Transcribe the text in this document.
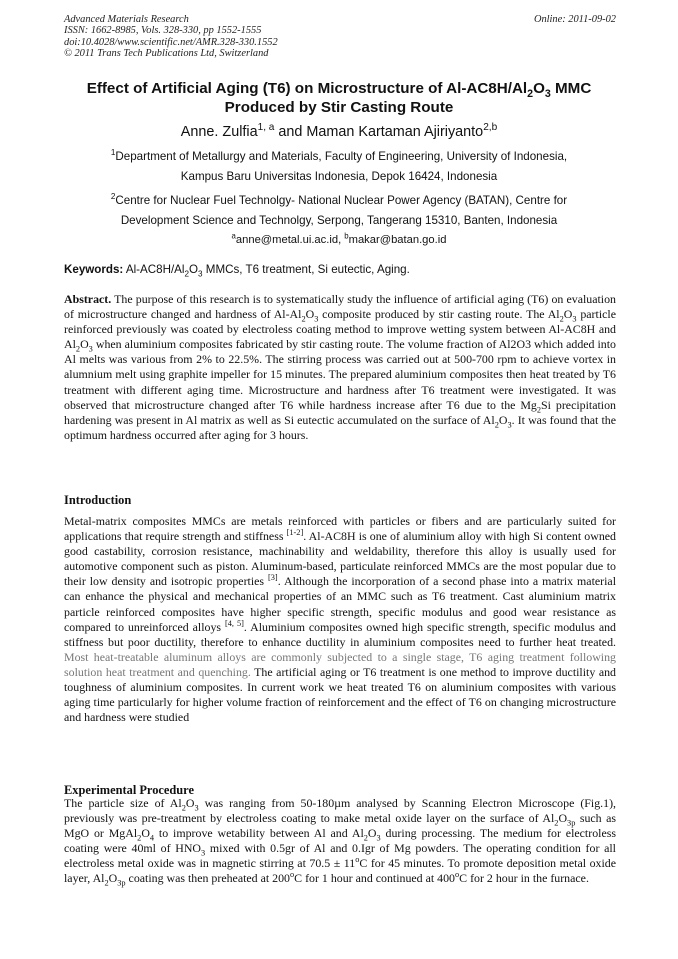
Advanced Materials Research
ISSN: 1662-8985, Vols. 328-330, pp 1552-1555
doi:10.4028/www.scientific.net/AMR.328-330.1552
© 2011 Trans Tech Publications Ltd, Switzerland
Online: 2011-09-02
Effect of Artificial Aging (T6) on Microstructure of $Al-AC8H/Al_2O_3$ MMC
Produced by Stir Casting Route
Anne. Zulfia$^{1, a}$ and Maman Kartaman Ajiriyanto$^{2,b}$
$^1$Department of Metallurgy and Materials, Faculty of Engineering, University of Indonesia,
Kampus Baru Universitas Indonesia, Depok 16424, Indonesia
$^2$Centre for Nuclear Fuel Technolgy- National Nuclear Power Agency (BATAN), Centre for
Development Science and Technolgy, Serpong, Tangerang 15310, Banten, Indonesia
$^a$anne@metal.ui.ac.id, $^b$makar@batan.go.id
Keywords: $Al-AC8H/Al_2O_3$ MMCs, T6 treatment, Si eutectic, Aging.
Abstract. The purpose of this research is to systematically study the influence of artificial aging (T6) on evaluation of microstructure changed and hardness of $Al-Al_2O_3$ composite produced by stir casting route. The $Al_2O_3$ particle reinforced previously was coated by electroless coating method to improve wetting system between Al-AC8H and $Al_2O_3$ when aluminium composites fabricated by stir casting route. The volume fraction of Al2O3 which added into Al melts was various from 2% to 22.5%. The stirring process was carried out at 500-700 rpm to achieve vortex in alumnium melt using graphite impeller for 15 minutes. The prepared aluminium composites then heat treated by T6 treatment with different aging time. Microstructure and hardness after T6 treatment were investigated. It was observed that microstructure changed after T6 while hardness increase after T6 due to the $Mg_2Si$ precipitation hardening was present in Al matrix as well as Si eutectic accumulated on the surface of $Al_2O_3$. It was found that the optimum hardness occurred after aging for 3 hours.
Introduction
Metal-matrix composites MMCs are metals reinforced with particles or fibers and are particularly suited for applications that require strength and stiffness [1-2]. Al-AC8H is one of aluminium alloy with high Si content owned good castability, corrosion resistance, machinability and weldability, therefore this alloy is usually used for automotive component such as piston. Aluminum-based, particulate reinforced MMCs are the most popular due to their low density and isotropic properties [3]. Although the incorporation of a second phase into a matrix material can enhance the physical and mechanical properties of an MMC such as T6 treatment. Cast aluminium matrix particle reinforced composites have higher specific strength, specific modulus and good wear resistance as compared to unreinforced alloys [4, 5]. Aluminium composites owned high specific strength, specific modulus and stiffness but poor ductility, therefore to enhance ductility in aluminium composites need to further heat treated. Most heat-treatable aluminum alloys are commonly subjected to a single stage, T6 aging treatment following solution heat treatment and quenching. The artificial aging or T6 treatment is one method to improve ductility and toughness of aluminium composites. In current work we heat treated T6 on aluminium composites with various aging time particularly for higher volume fraction of reinforcement and the effect of T6 on changing microstructure and hardness were studied
Experimental Procedure
The particle size of $Al_2O_3$ was ranging from 50-180µm analysed by Scanning Electron Microscope (Fig.1), previously was pre-treatment by electroless coating to make metal oxide layer on the surface of $Al_2O_{3p}$ such as MgO or $MgAl_2O_4$ to improve wetability between Al and $Al_2O_3$ during processing. The medium for electroless coating were 40ml of $HNO_3$ mixed with 0.5gr of Al and 0.Igr of Mg powders. The operating condition for all electroless metal oxide was in magnetic stirring at $70.5 \pm 11^oC$ for 45 minutes. To promote deposition metal oxide layer, $Al_2O_{3p}$ coating was then preheated at 200$^o$C for 1 hour and continued at 400$^o$C for 2 hour in the furnace.
